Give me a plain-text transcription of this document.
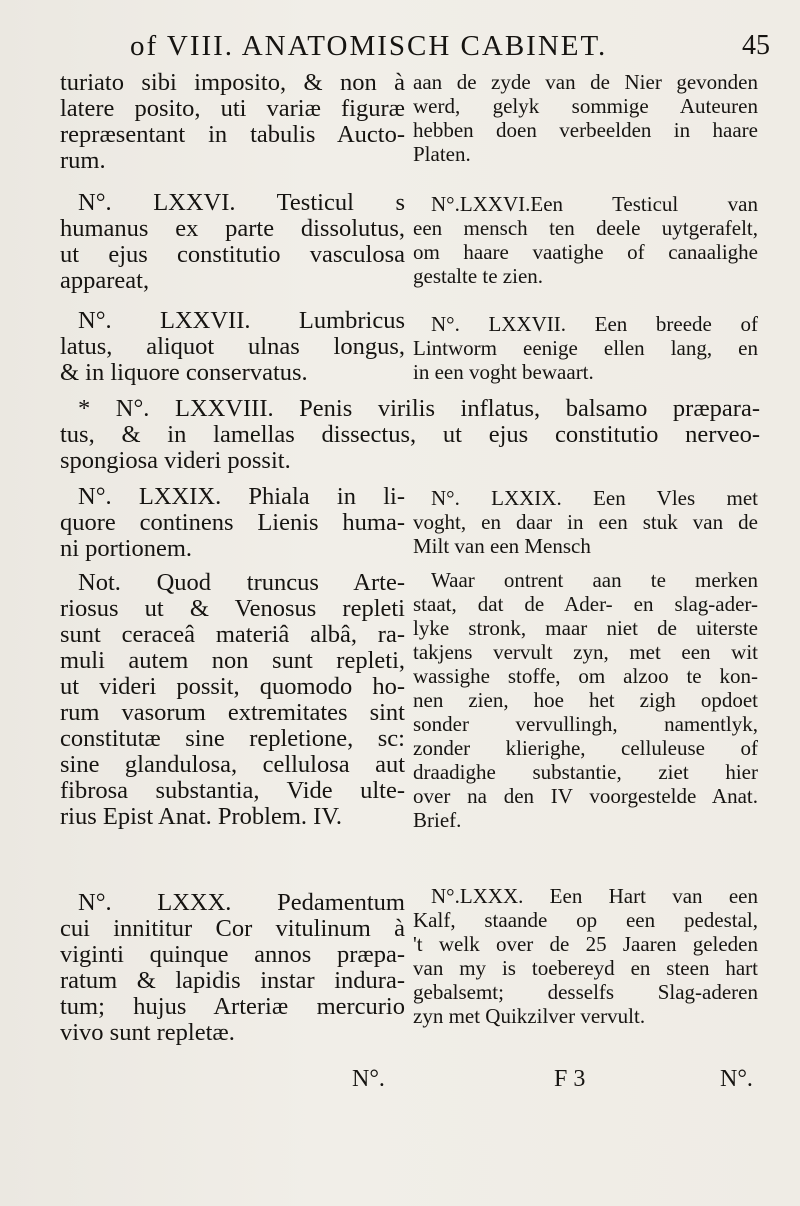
of VIII. ANATOMISCH CABINET.	45
turiato sibi imposito, & non à
latere posito, uti variæ figuræ
repræsentant in tabulis Aucto-
rum.
N°. LXXVI. Testicul s
humanus ex parte dissolutus,
ut ejus constitutio vasculosa
appareat,
N°. LXXVII. Lumbricus
latus, aliquot ulnas longus,
& in liquore conservatus.
* N°. LXXVIII. Penis virilis inflatus, balsamo præpara-
tus, & in lamellas dissectus, ut ejus constitutio nerveo-
spongiosa videri possit.
N°. LXXIX. Phiala in li-
quore continens Lienis huma-
ni portionem.
Not. Quod truncus Arte-
riosus ut & Venosus repleti
sunt ceraceâ materiâ albâ, ra-
muli autem non sunt repleti,
ut videri possit, quomodo ho-
rum vasorum extremitates sint
constitutæ sine repletione, sc:
sine glandulosa, cellulosa aut
fibrosa substantia, Vide ulte-
rius Epist Anat. Problem. IV.
N°. LXXX. Pedamentum
cui innititur Cor vitulinum à
viginti quinque annos præpa-
ratum & lapidis instar indura-
tum; hujus Arteriæ mercurio
vivo sunt repletæ.
aan de zyde van de Nier gevonden
werd, gelyk sommige Auteuren
hebben doen verbeelden in haare
Platen.
N°.LXXVI.Een Testicul van
een mensch ten deele uytgerafelt,
om haare vaatighe of canaalighe
gestalte te zien.
N°. LXXVII. Een breede of
Lintworm eenige ellen lang, en
in een voght bewaart.
N°. LXXIX. Een Vles met
voght, en daar in een stuk van de
Milt van een Mensch
Waar ontrent aan te merken
staat, dat de Ader- en slag-ader-
lyke stronk, maar niet de uiterste
takjens vervult zyn, met een wit
wassighe stoffe, om alzoo te kon-
nen zien, hoe het zigh opdoet
sonder vervullingh, namentlyk,
zonder klierighe, celluleuse of
draadighe substantie, ziet hier
over na den IV voorgestelde Anat.
Brief.
N°.LXXX. Een Hart van een
Kalf, staande op een pedestal,
't welk over de 25 Jaaren geleden
van my is toebereyd en steen hart
gebalsemt; desselfs Slag-aderen
zyn met Quikzilver vervult.
N°.	F 3	N°.
